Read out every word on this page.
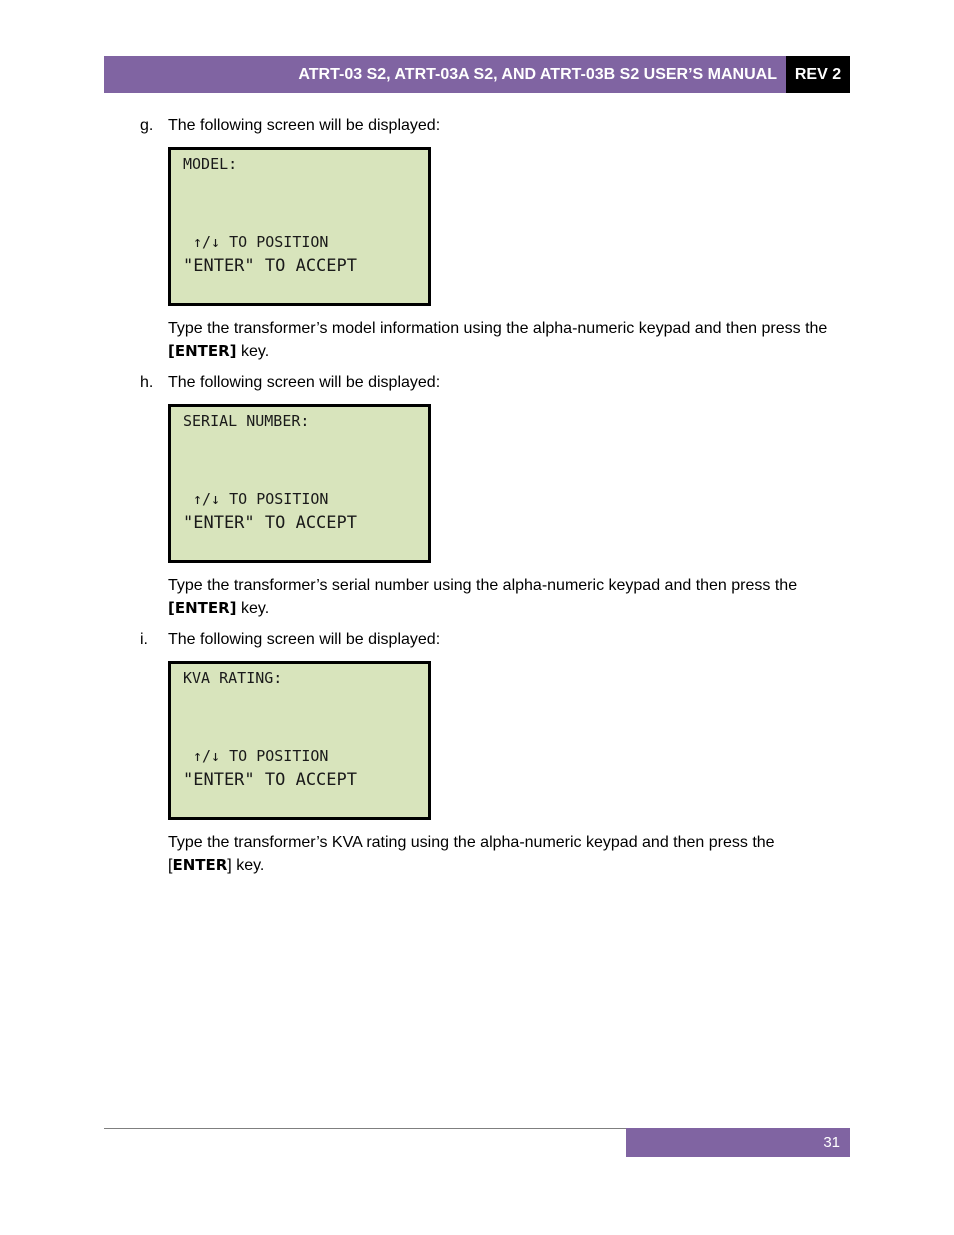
ATRT-03 S2, ATRT-03A S2, AND ATRT-03B S2 USER’S MANUAL	REV 2
g. The following screen will be displayed:
MODEL:
↑/↓ TO POSITION
"ENTER" TO ACCEPT
Type the transformer’s model information using the alpha-numeric keypad and then press the [ENTER] key.
h. The following screen will be displayed:
SERIAL NUMBER:
↑/↓ TO POSITION
"ENTER" TO ACCEPT
Type the transformer’s serial number using the alpha-numeric keypad and then press the [ENTER] key.
i. The following screen will be displayed:
KVA RATING:
↑/↓ TO POSITION
"ENTER" TO ACCEPT
Type the transformer’s KVA rating using the alpha-numeric keypad and then press the [ENTER] key.
31
